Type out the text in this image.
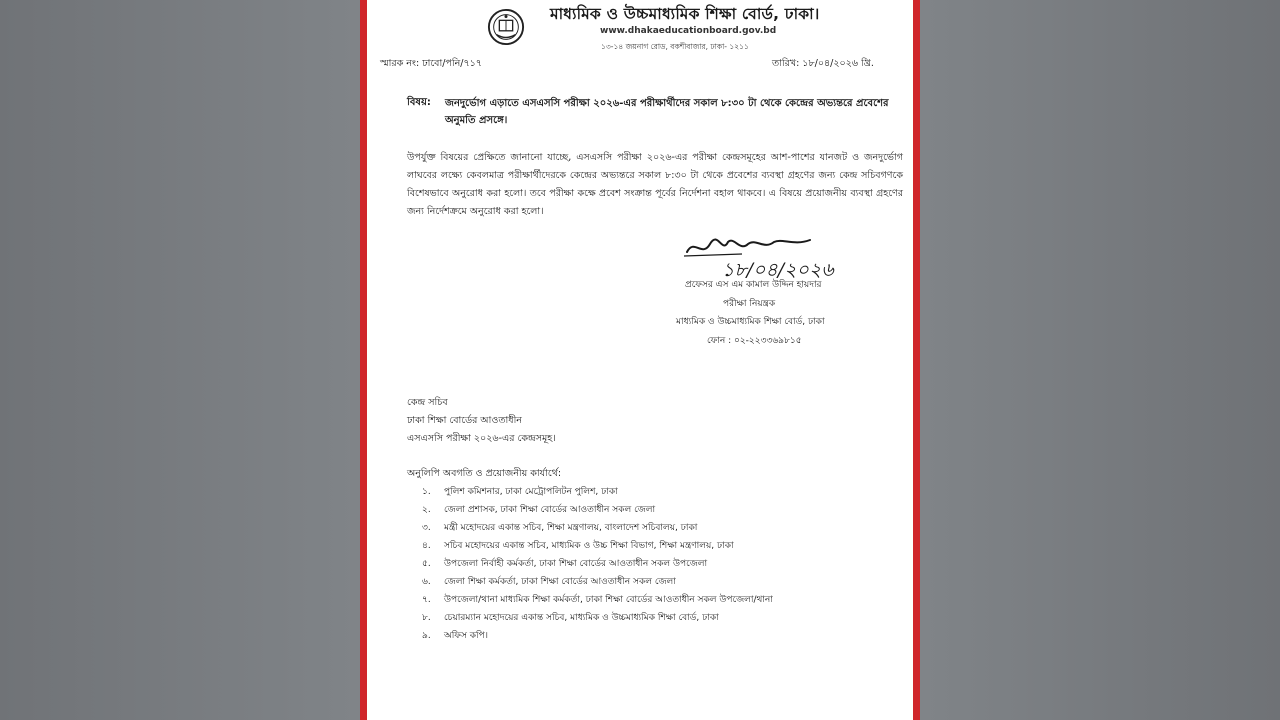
মাধ্যমিক ও উচ্চমাধ্যমিক শিক্ষা বোর্ড, ঢাকা।
www.dhakaeducationboard.gov.bd
১৩-১৪ জয়নাগ রোড, বকশীবাজার, ঢাকা- ১২১১
স্মারক নং: ঢাবো/পনি/৭১৭	তারিখ: ১৮/০৪/২০২৬ খ্রি.
বিষয়: জনদুর্ভোগ এড়াতে এসএসসি পরীক্ষা ২০২৬-এর পরীক্ষার্থীদের সকাল ৮:৩০ টা থেকে কেন্দ্রের অভ্যন্তরে প্রবেশের অনুমতি প্রসঙ্গে।
উপর্যুক্ত বিষয়ের প্রেক্ষিতে জানানো যাচ্ছে, এসএসসি পরীক্ষা ২০২৬-এর পরীক্ষা কেন্দ্রসমূহের আশ-পাশের যানজট ও জনদুর্ভোগ লাঘবের লক্ষ্যে কেবলমাত্র পরীক্ষার্থীদেরকে কেন্দ্রের অভ্যন্তরে সকাল ৮:৩০ টা থেকে প্রবেশের ব্যবস্থা গ্রহণের জন্য কেন্দ্র সচিবগণকে বিশেষভাবে অনুরোধ করা হলো। তবে পরীক্ষা কক্ষে প্রবেশ সংক্রান্ত পূর্বের নির্দেশনা বহাল থাকবে। এ বিষয়ে প্রয়োজনীয় ব্যবস্থা গ্রহণের জন্য নির্দেশক্রমে অনুরোধ করা হলো।
১৮/০৪/২০২৬
প্রফেসর এস এম কামাল উদ্দিন হায়দার
পরীক্ষা নিয়ন্ত্রক
মাধ্যমিক ও উচ্চমাধ্যমিক শিক্ষা বোর্ড, ঢাকা
ফোন : ০২-২২৩৩৬৯৮১৫
কেন্দ্র সচিব
ঢাকা শিক্ষা বোর্ডের আওতাধীন
এসএসসি পরীক্ষা ২০২৬-এর কেন্দ্রসমূহ।
অনুলিপি অবগতি ও প্রয়োজনীয় কার্যার্থে:
১. পুলিশ কমিশনার, ঢাকা মেট্রোপলিটন পুলিশ, ঢাকা
২. জেলা প্রশাসক, ঢাকা শিক্ষা বোর্ডের আওতাধীন সকল জেলা
৩. মন্ত্রী মহোদয়ের একান্ত সচিব, শিক্ষা মন্ত্রণালয়, বাংলাদেশ সচিবালয়, ঢাকা
৪. সচিব মহোদয়ের একান্ত সচিব, মাধ্যমিক ও উচ্চ শিক্ষা বিভাগ, শিক্ষা মন্ত্রণালয়, ঢাকা
৫. উপজেলা নির্বাহী কর্মকর্তা, ঢাকা শিক্ষা বোর্ডের আওতাধীন সকল উপজেলা
৬. জেলা শিক্ষা কর্মকর্তা, ঢাকা শিক্ষা বোর্ডের আওতাধীন সকল জেলা
৭. উপজেলা/থানা মাধ্যমিক শিক্ষা কর্মকর্তা, ঢাকা শিক্ষা বোর্ডের আওতাধীন সকল উপজেলা/থানা
৮. চেয়ারম্যান মহোদয়ের একান্ত সচিব, মাধ্যমিক ও উচ্চমাধ্যমিক শিক্ষা বোর্ড, ঢাকা
৯. অফিস কপি।
